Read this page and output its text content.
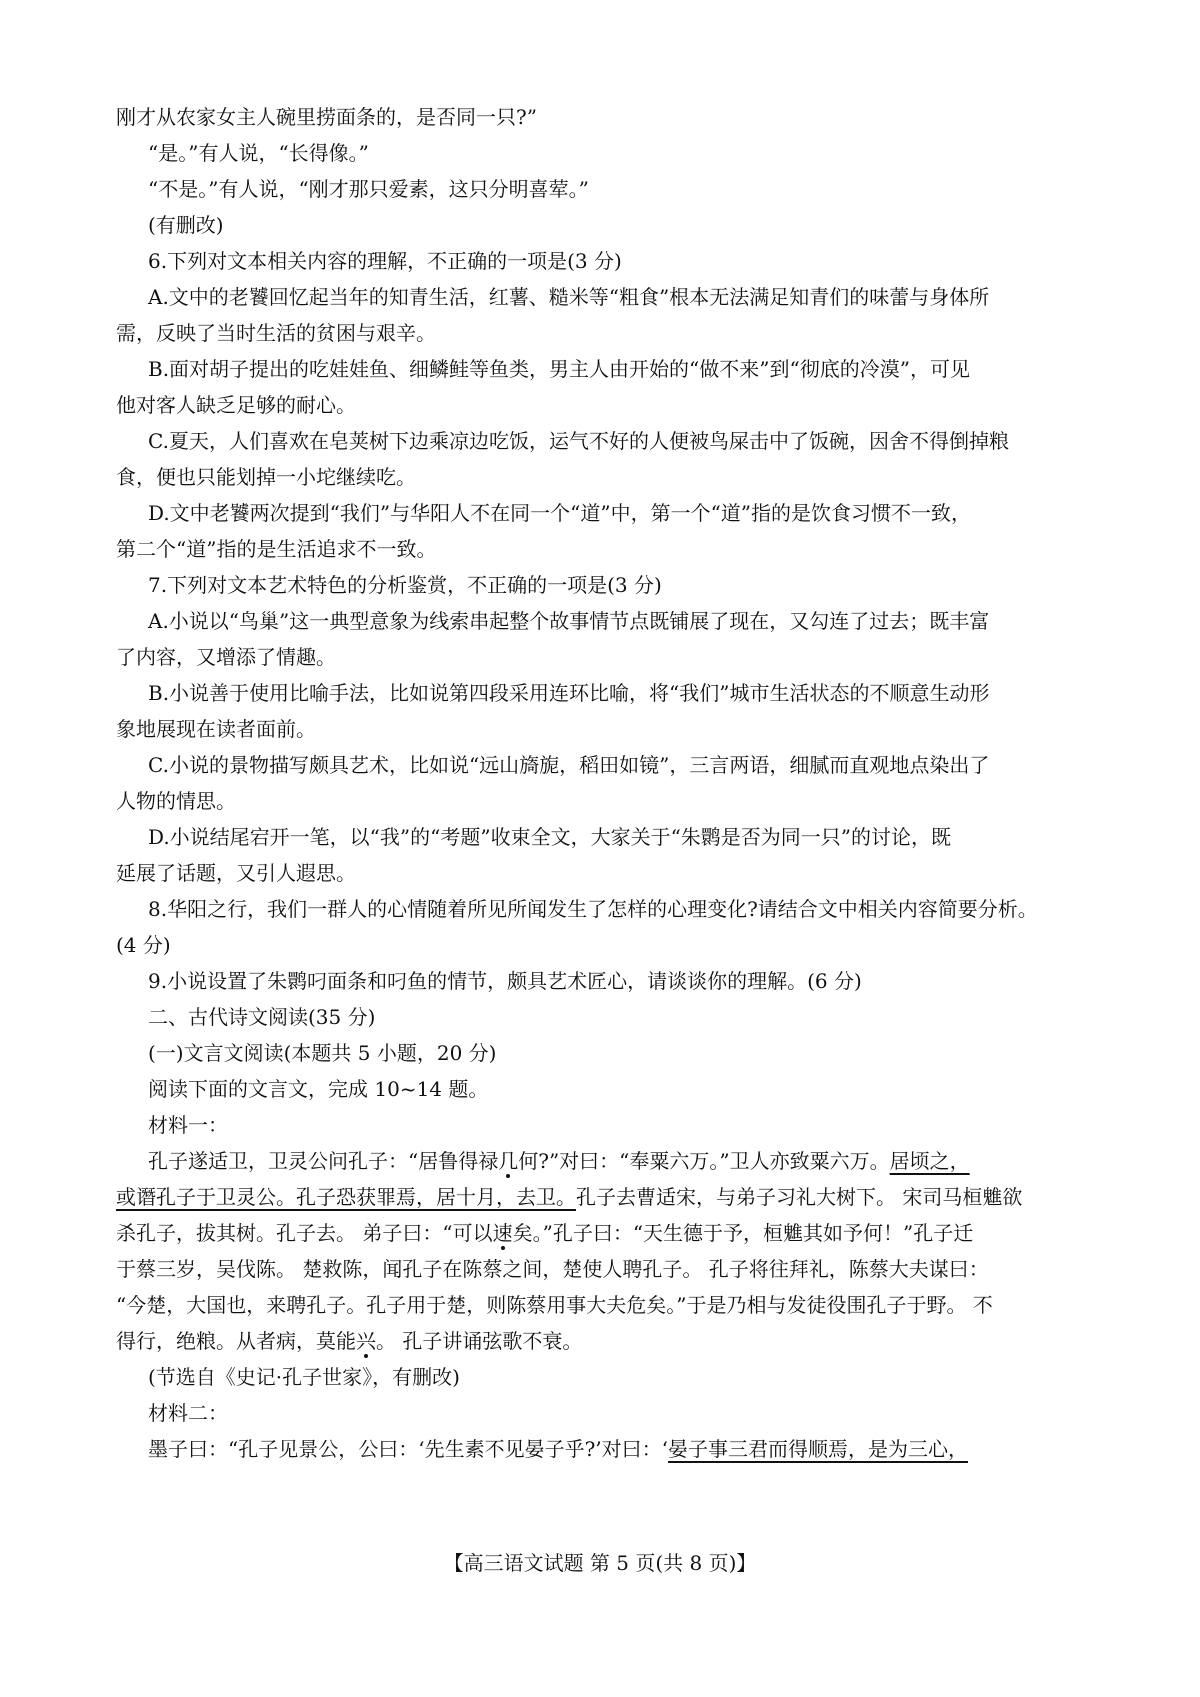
刚才从农家女主人碗里捞面条的，是否同一只?”
“是。”有人说，“长得像。”
“不是。”有人说，“刚才那只爱素，这只分明喜荤。”
(有删改)
6.下列对文本相关内容的理解，不正确的一项是(3 分)
A.文中的老饕回忆起当年的知青生活，红薯、糙米等“粗食”根本无法满足知青们的味蕾与身体所
需，反映了当时生活的贫困与艰辛。
B.面对胡子提出的吃娃娃鱼、细鳞鲑等鱼类，男主人由开始的“做不来”到“彻底的冷漠”，可见
他对客人缺乏足够的耐心。
C.夏天，人们喜欢在皂荚树下边乘凉边吃饭，运气不好的人便被鸟屎击中了饭碗，因舍不得倒掉粮
食，便也只能划掉一小坨继续吃。
D.文中老饕两次提到“我们”与华阳人不在同一个“道”中，第一个“道”指的是饮食习惯不一致，
第二个“道”指的是生活追求不一致。
7.下列对文本艺术特色的分析鉴赏，不正确的一项是(3 分)
A.小说以“鸟巢”这一典型意象为线索串起整个故事情节点既铺展了现在，又勾连了过去；既丰富
了内容，又增添了情趣。
B.小说善于使用比喻手法，比如说第四段采用连环比喻，将“我们”城市生活状态的不顺意生动形
象地展现在读者面前。
C.小说的景物描写颇具艺术，比如说“远山旖旎，稻田如镜”，三言两语，细腻而直观地点染出了
人物的情思。
D.小说结尾宕开一笔，以“我”的“考题”收束全文，大家关于“朱鹮是否为同一只”的讨论，既
延展了话题，又引人遐思。
8.华阳之行，我们一群人的心情随着所见所闻发生了怎样的心理变化?请结合文中相关内容简要分析。
(4 分)
9.小说设置了朱鹮叼面条和叼鱼的情节，颇具艺术匠心，请谈谈你的理解。(6 分)
二、古代诗文阅读(35 分)
(一)文言文阅读(本题共 5 小题，20 分)
阅读下面的文言文，完成 10~14 题。
材料一：
孔子遂适卫，卫灵公问孔子：“居鲁得禄几何?”对曰：“奉粟六万。”卫人亦致粟六万。居顷之，
或谮孔子于卫灵公。孔子恐获罪焉，居十月，去卫。孔子去曹适宋，与弟子习礼大树下。 宋司马桓魋欲
杀孔子，拔其树。孔子去。 弟子曰：“可以速矣。”孔子曰：“天生德于予，桓魋其如予何！”孔子迁
于蔡三岁，吴伐陈。 楚救陈，闻孔子在陈蔡之间，楚使人聘孔子。 孔子将往拜礼，陈蔡大夫谋曰：
“今楚，大国也，来聘孔子。孔子用于楚，则陈蔡用事大夫危矣。”于是乃相与发徒役围孔子于野。 不
得行，绝粮。从者病，莫能兴。 孔子讲诵弦歌不衰。
(节选自《史记·孔子世家》，有删改)
材料二：
墨子曰：“孔子见景公，公曰：‘先生素不见晏子乎?’对曰：‘晏子事三君而得顺焉，是为三心，
【高三语文试题 第 5 页(共 8 页)】
